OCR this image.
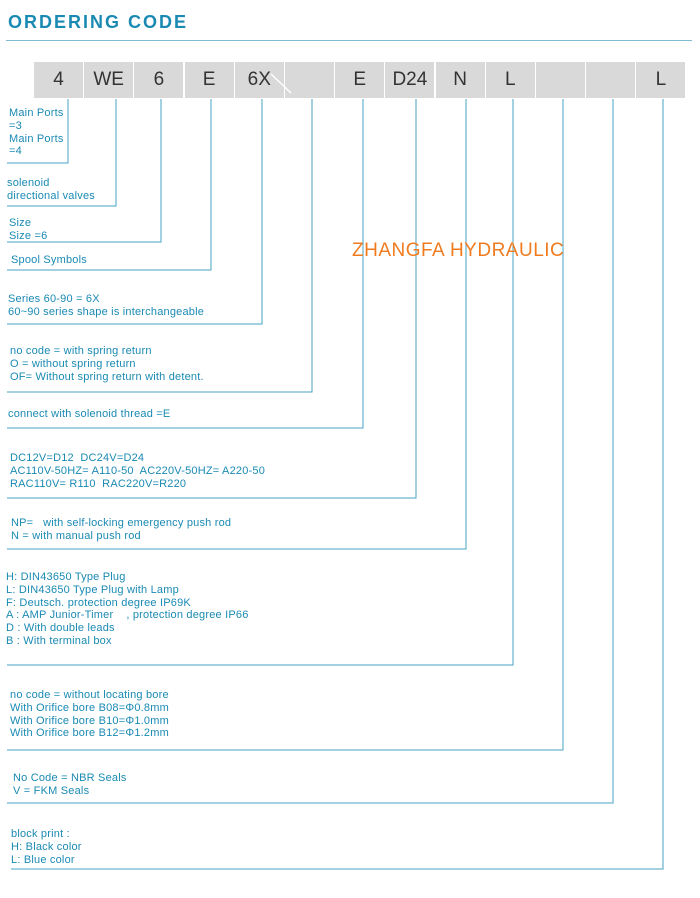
ORDERING CODE
4	WE	6	E	6X	E	D24	N	L	L
Main Ports
=3
Main Ports
=4
solenoid
directional valves
Size
Size =6
Spool Symbols
Series 60-90 = 6X
60~90 series shape is interchangeable
no code = with spring return
O = without spring return
OF= Without spring return with detent.
connect with solenoid thread =E
DC12V=D12  DC24V=D24
AC110V-50HZ= A110-50  AC220V-50HZ= A220-50
RAC110V= R110  RAC220V=R220
NP=   with self-locking emergency push rod
N = with manual push rod
H: DIN43650 Type Plug
L: DIN43650 Type Plug with Lamp
F: Deutsch. protection degree IP69K
A : AMP Junior-Timer    , protection degree IP66
D : With double leads
B : With terminal box
no code = without locating bore
With Orifice bore B08=Φ0.8mm
With Orifice bore B10=Φ1.0mm
With Orifice bore B12=Φ1.2mm
No Code = NBR Seals
V = FKM Seals
block print :
H: Black color
L: Blue color
ZHANGFA HYDRAULIC
